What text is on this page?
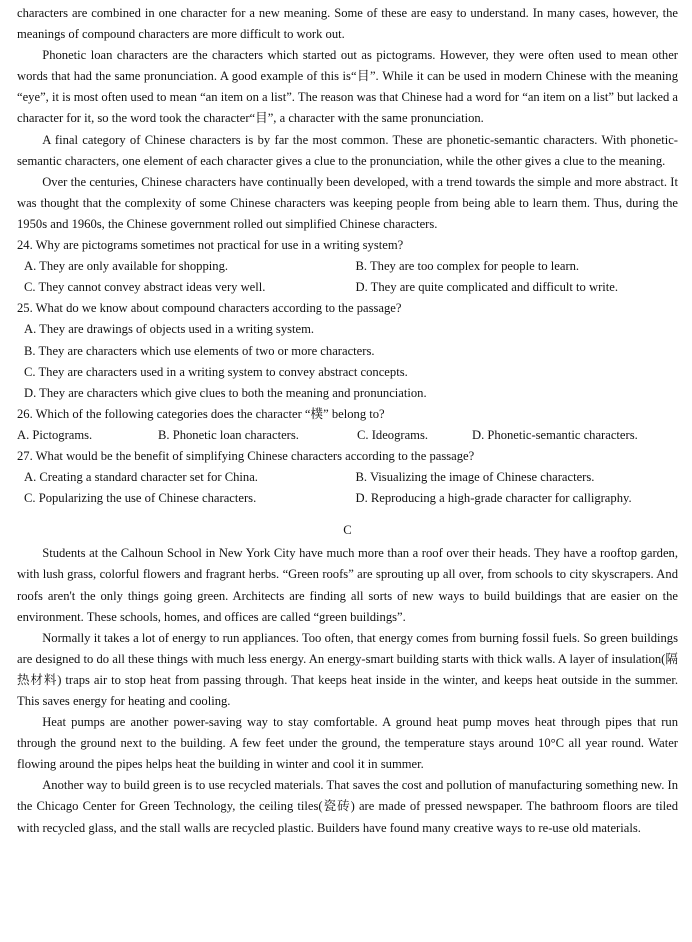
characters are combined in one character for a new meaning. Some of these are easy to understand. In many cases, however, the meanings of compound characters are more difficult to work out.

Phonetic loan characters are the characters which started out as pictograms. However, they were often used to mean other words that had the same pronunciation. A good example of this is“目”. While it can be used in modern Chinese with the meaning “eye”, it is most often used to mean “an item on a list”. The reason was that Chinese had a word for “an item on a list” but lacked a character for it, so the word took the character“目”, a character with the same pronunciation.

A final category of Chinese characters is by far the most common. These are phonetic-semantic characters. With phonetic-semantic characters, one element of each character gives a clue to the pronunciation, while the other gives a clue to the meaning.

Over the centuries, Chinese characters have continually been developed, with a trend towards the simple and more abstract. It was thought that the complexity of some Chinese characters was keeping people from being able to learn them. Thus, during the 1950s and 1960s, the Chinese government rolled out simplified Chinese characters.

24. Why are pictograms sometimes not practical for use in a writing system?
A. They are only available for shopping.	B. They are too complex for people to learn.
C. They cannot convey abstract ideas very well.	D. They are quite complicated and difficult to write.
25. What do we know about compound characters according to the passage?
A. They are drawings of objects used in a writing system.
B. They are characters which use elements of two or more characters.
C. They are characters used in a writing system to convey abstract concepts.
D. They are characters which give clues to both the meaning and pronunciation.
26. Which of the following categories does the character “樸” belong to?
A. Pictograms.	B. Phonetic loan characters.	C. Ideograms.	D. Phonetic-semantic characters.
27. What would be the benefit of simplifying Chinese characters according to the passage?
A. Creating a standard character set for China.	B. Visualizing the image of Chinese characters.
C. Popularizing the use of Chinese characters.	D. Reproducing a high-grade character for calligraphy.
C

Students at the Calhoun School in New York City have much more than a roof over their heads. They have a rooftop garden, with lush grass, colorful flowers and fragrant herbs. “Green roofs” are sprouting up all over, from schools to city skyscrapers. And roofs aren't the only things going green. Architects are finding all sorts of new ways to build buildings that are easier on the environment. These schools, homes, and offices are called “green buildings”.

Normally it takes a lot of energy to run appliances. Too often, that energy comes from burning fossil fuels. So green buildings are designed to do all these things with much less energy. An energy-smart building starts with thick walls. A layer of insulation(隔热材料) traps air to stop heat from passing through. That keeps heat inside in the winter, and keeps heat outside in the summer. This saves energy for heating and cooling.

Heat pumps are another power-saving way to stay comfortable. A ground heat pump moves heat through pipes that run through the ground next to the building. A few feet under the ground, the temperature stays around 10°C all year round. Water flowing around the pipes helps heat the building in winter and cool it in summer.

Another way to build green is to use recycled materials. That saves the cost and pollution of manufacturing something new. In the Chicago Center for Green Technology, the ceiling tiles(瓷砖) are made of pressed newspaper. The bathroom floors are tiled with recycled glass, and the stall walls are recycled plastic. Builders have found many creative ways to re-use old materials.
